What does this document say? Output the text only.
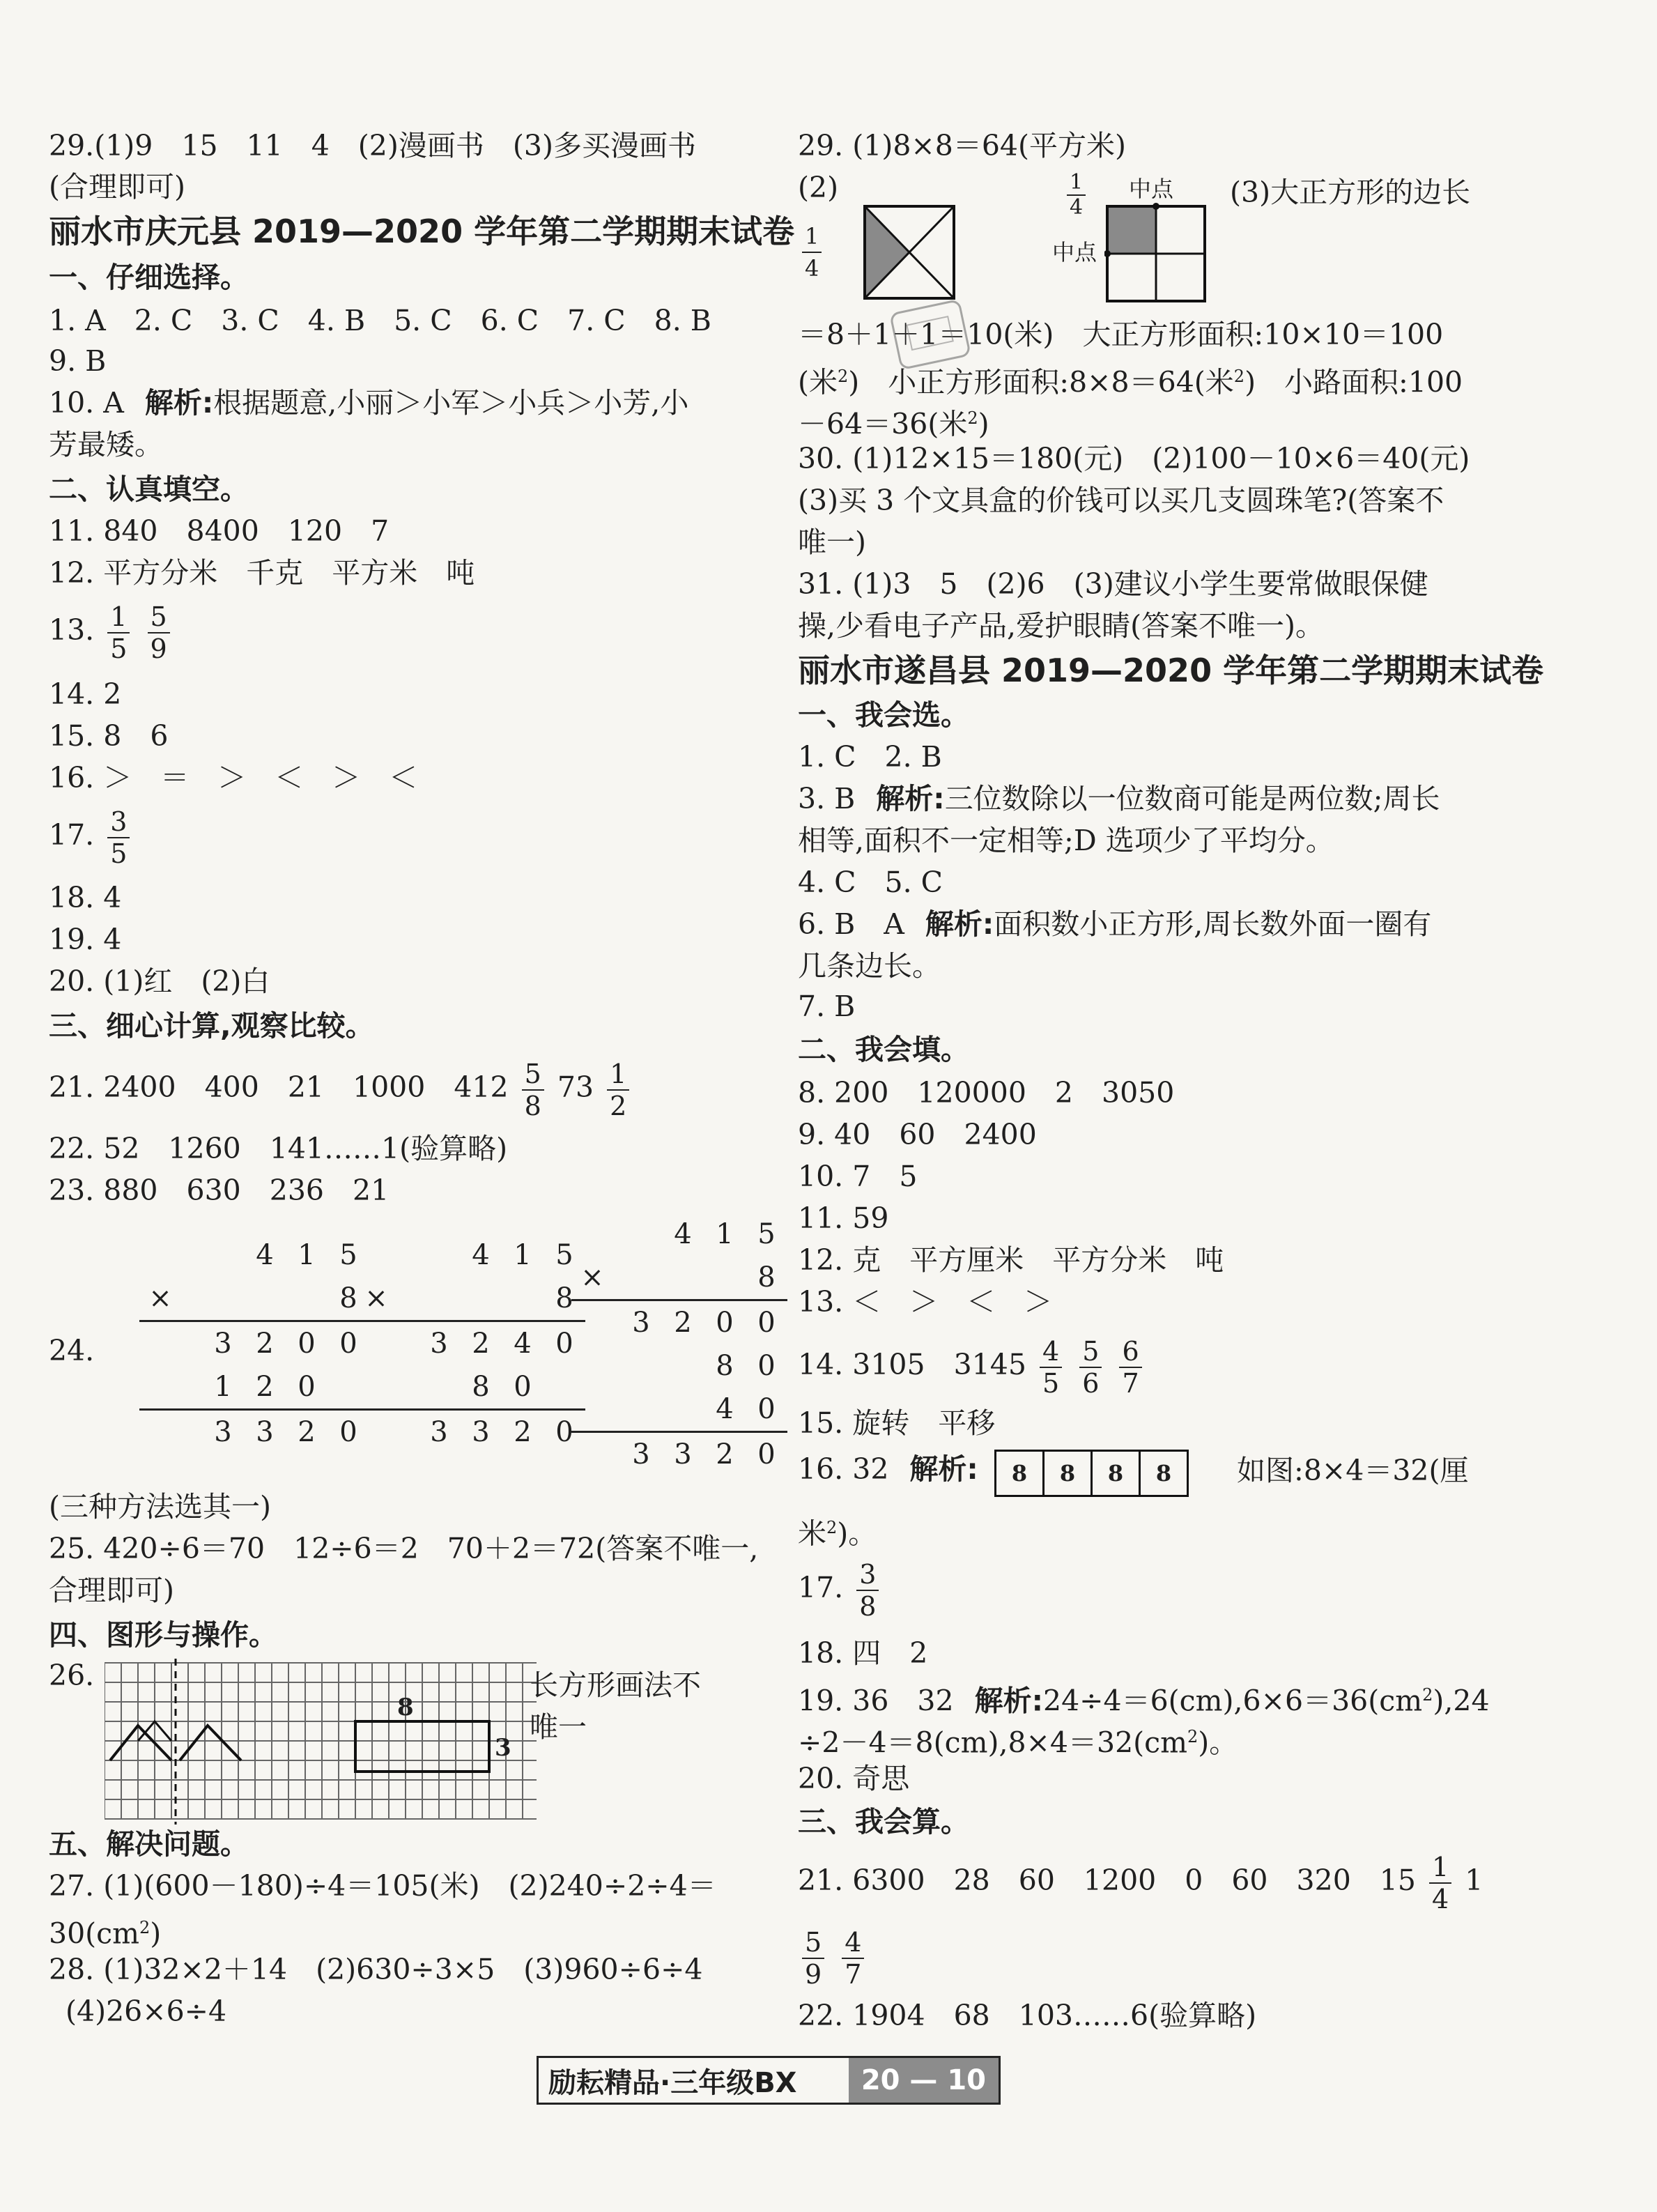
29.(1)9　15　11　4　(2)漫画书　(3)多买漫画书
(合理即可)
丽水市庆元县 2019—2020 学年第二学期期末试卷
一、仔细选择。
1. A　2. C　3. C　4. B　5. C　6. C　7. C　8. B
9. B
10. A 解析:根据题意,小丽＞小军＞小兵＞小芳,小
芳最矮。
二、认真填空。
11. 840　8400　120　7
12. 平方分米　千克　平方米　吨
13. $\frac{1}{5}$
$\frac{5}{9}$
14. 2
15. 8　6
16. ＞　＝　＞　＜　＞　＜
17. $\frac{3}{5}$
18. 4
19. 4
20. (1)红　(2)白
三、细心计算,观察比较。
21. 2400　400　21　1000　$412 \frac{5}{8} 73 \frac{1}{2}$
22. 52　1260　141……1(验算略)
23. 880　630　236　21
24.
4 1 5
×	8
3 2 0 0
1 2 0
3 3 2 0
4 1 5
×	8
3 2 4 0
8 0
3 3 2 0
4 1 5
×	8
3 2 0 0
8 0
4 0
3 3 2 0
(三种方法选其一)
25. 420÷6＝70　12÷6＝2　70＋2＝72(答案不唯一,
合理即可)
四、图形与操作。
26.
8
3
长方形画法不
唯一
五、解决问题。
27. (1)(600－180)÷4＝105(米)　(2)240÷2÷4＝
$30(cm^2)$
28. (1)32×2＋14　(2)630÷3×5　(3)960÷6÷4
(4)26×6÷4
29. (1)8×8＝64(平方米)
(2)
$\frac{1}{4}$
$\frac{1}{4}$ 中点
中点
(3)大正方形的边长
＝8＋1＋1＝10(米)　大正方形面积:10×10＝100
(米$^2$)　小正方形面积:8×8＝64(米$^2$)　小路面积:100
－64＝36(米$^2$)
30. (1)12×15＝180(元)　(2)100－10×6＝40(元)
(3)买 3 个文具盒的价钱可以买几支圆珠笔?(答案不
唯一)
31. (1)3　5　(2)6　(3)建议小学生要常做眼保健
操,少看电子产品,爱护眼睛(答案不唯一)。
丽水市遂昌县 2019—2020 学年第二学期期末试卷
一、我会选。
1. C　2. B
3. B 解析:三位数除以一位数商可能是两位数;周长
相等,面积不一定相等;D 选项少了平均分。
4. C　5. C
6. B　A 解析:面积数小正方形,周长数外面一圈有
几条边长。
7. B
二、我会填。
8. 200　120000　2　3050
9. 40　60　2400
10. 7　5
11. 59
12. 克　平方厘米　平方分米　吨
13. ＜　＞　＜　＞
14. 3105　$3145 \frac{4}{5}$
$\frac{5}{6}$
$\frac{6}{7}$
15. 旋转　平移
16. 32 解析:	8	8	8	8	如图:8×4＝32(厘
米$^2$)。
17. $\frac{3}{8}$
18. 四　2
19. 36　32 解析$:24\div 4=6(cm),6\times 6=36(cm^2),24$
$\div 2-4=8(cm),8\times 4=32(cm^2)$。
20. 奇思
三、我会算。
21. 6300　28　60　1200　0　60　320　$15 \frac{1}{4} 1$
$\frac{5}{9}$
$\frac{4}{7}$
22. 1904　68　103……6(验算略)
励耘精品·三年级BX	20 — 10
